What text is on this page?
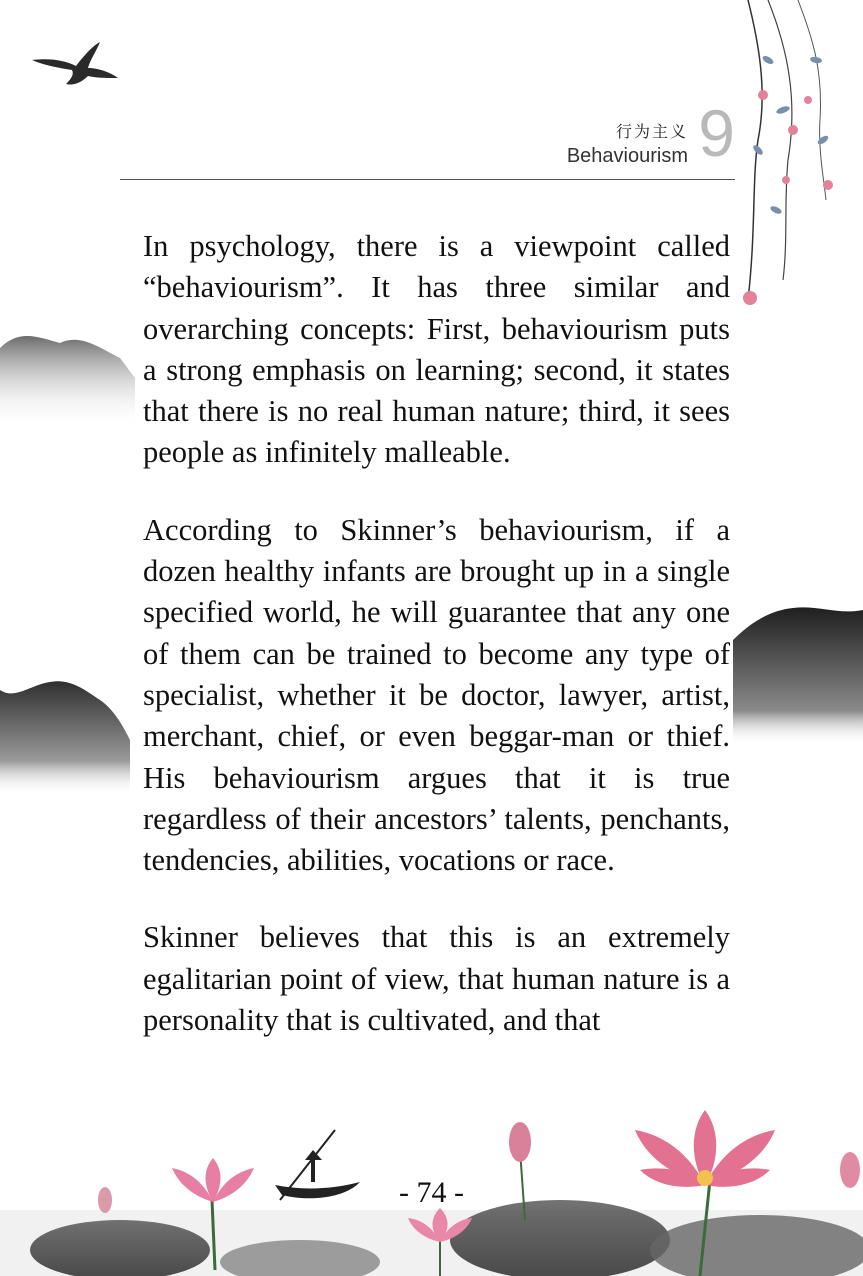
行为主义
Behaviourism 9

In psychology, there is a viewpoint called “behaviourism”. It has three similar and overarching concepts: First, behaviourism puts a strong emphasis on learning; second, it states that there is no real human nature; third, it sees people as infinitely malleable.

According to Skinner’s behaviourism, if a dozen healthy infants are brought up in a single specified world, he will guarantee that any one of them can be trained to become any type of specialist, whether it be doctor, lawyer, artist, merchant, chief, or even beggar-man or thief. His behaviourism argues that it is true regardless of their ancestors’ talents, penchants, tendencies, abilities, vocations or race.

Skinner believes that this is an extremely egalitarian point of view, that human nature is a personality that is cultivated, and that

- 74 -
